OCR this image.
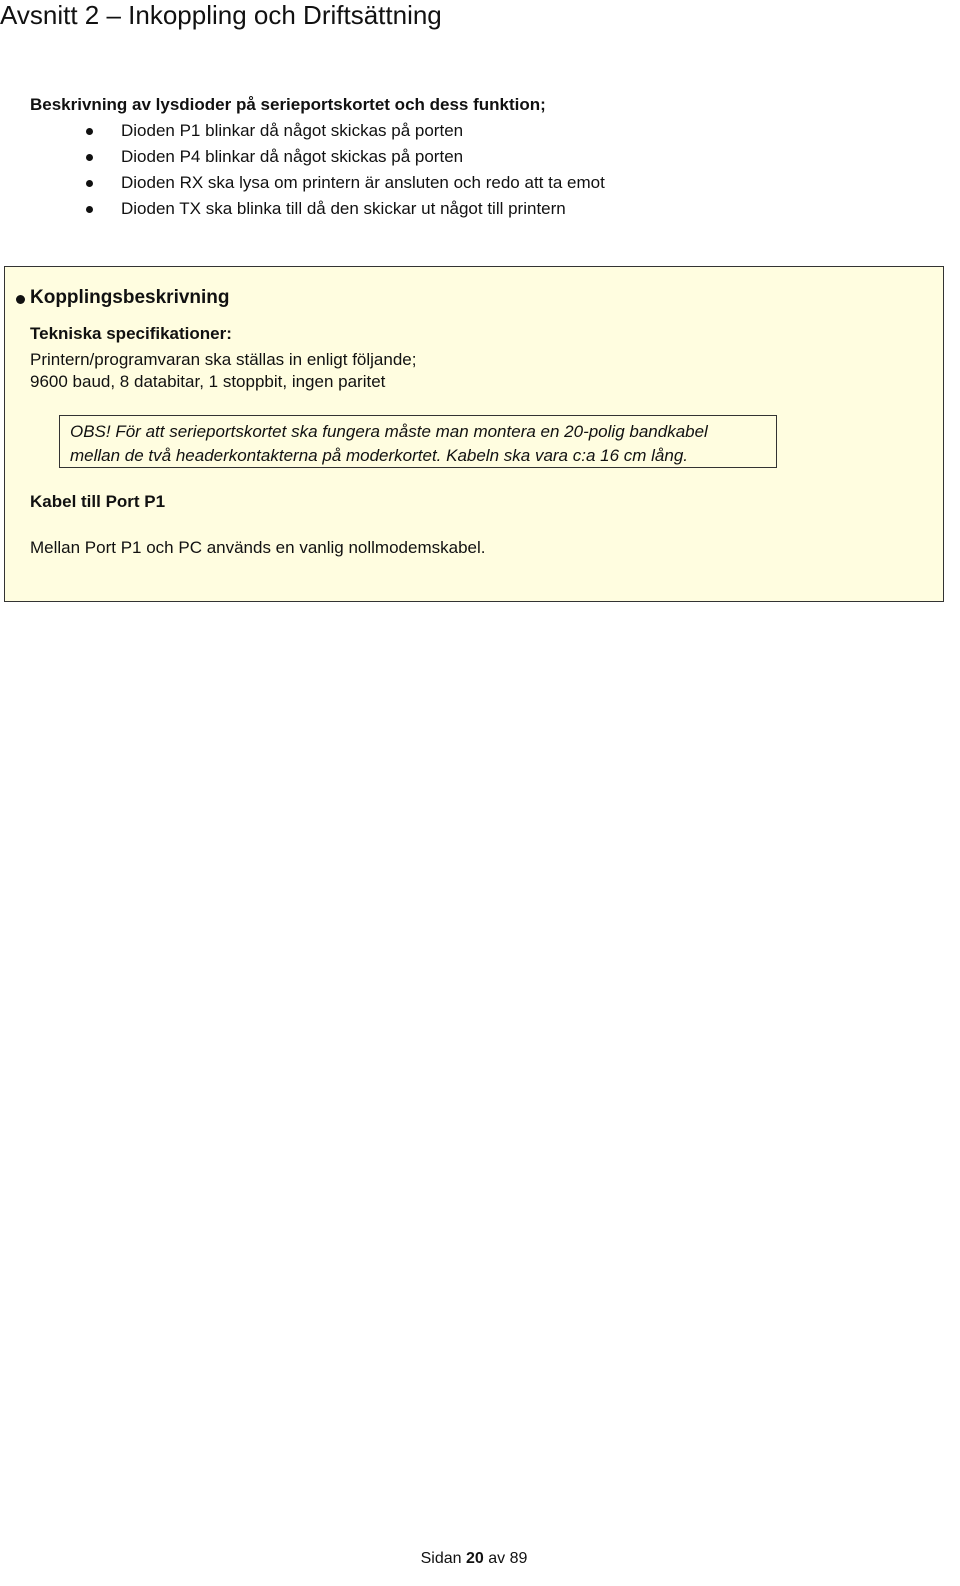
Avsnitt 2 – Inkoppling och Driftsättning
Beskrivning av lysdioder på serieportskortet och dess funktion;
Dioden P1 blinkar då något skickas på porten
Dioden P4 blinkar då något skickas på porten
Dioden RX ska lysa om printern är ansluten och redo att ta emot
Dioden TX ska blinka till då den skickar ut något till printern
Kopplingsbeskrivning
Tekniska specifikationer:
Printern/programvaran ska ställas in enligt följande;
9600 baud, 8 databitar, 1 stoppbit, ingen paritet
OBS! För att serieportskortet ska fungera måste man montera en 20-polig bandkabel
mellan de två headerkontakterna på moderkortet. Kabeln ska vara c:a 16 cm lång.
Kabel till Port P1
Mellan Port P1 och PC används en vanlig nollmodemskabel.
Sidan 20 av 89
